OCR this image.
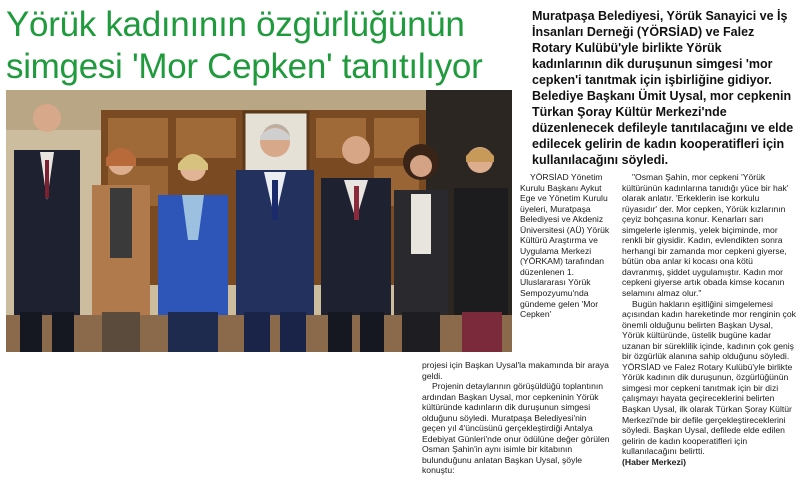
Yörük kadınının özgürlüğünün simgesi 'Mor Cepken' tanıtılıyor

Muratpaşa Belediyesi, Yörük Sanayici ve İş İnsanları Derneği (YÖRSİAD) ve Falez Rotary Kulübü'yle birlikte Yörük kadınlarının dik duruşunun simgesi 'mor cepken'i tanıtmak için işbirliğine gidiyor. Belediye Başkanı Ümit Uysal, mor cepkenin Türkan Şoray Kültür Merkezi'nde düzenlenecek defileyle tanıtılacağını ve elde edilecek gelirin de kadın kooperatifleri için kullanılacağını söyledi.

YÖRSİAD Yönetim Kurulu Başkanı Aykut Ege ve Yönetim Kurulu üyeleri, Muratpaşa Belediyesi ve Akdeniz Üniversitesi (AÜ) Yörük Kültürü Araştırma ve Uygulama Merkezi (YÖRKAM) tarafından düzenlenen 1. Uluslararası Yörük Sempozyumu'nda gündeme gelen 'Mor Cepken'

projesi için Başkan Uysal'la makamında bir araya geldi.

Projenin detaylarının görüşüldüğü toplantının ardından Başkan Uysal, mor cepkeninin Yörük kültüründe kadınların dik duruşunun simgesi olduğunu söyledi. Muratpaşa Belediyesi'nin geçen yıl 4'üncüsünü gerçekleştirdiği Antalya Edebiyat Günleri'nde onur ödülüne değer görülen Osman Şahin'in aynı isimle bir kitabının bulunduğunu anlatan Başkan Uysal, şöyle konuştu:

"Osman Şahin, mor cepkeni 'Yörük kültürünün kadınlarına tanıdığı yüce bir hak' olarak anlatır. 'Erkeklerin ise korkulu rüyasıdır' der. Mor cepken, Yörük kızlarının çeyiz bohçasına konur. Kenarları sarı simgelerle işlenmiş, yelek biçiminde, mor renkli bir giysidir. Kadın, evlendikten sonra herhangi bir zamanda mor cepkeni giyerse, bütün oba anlar ki kocası ona kötü davranmış, şiddet uygulamıştır. Kadın mor cepkeni giyerse artık obada kimse kocanın selamını almaz olur."

Bugün hakların eşitliğini simgelemesi açısından kadın hareketinde mor renginin çok önemli olduğunu belirten Başkan Uysal, Yörük kültüründe, üstelik bugüne kadar uzanan bir süreklilik içinde, kadının çok geniş bir özgürlük alanına sahip olduğunu söyledi. YÖRSİAD ve Falez Rotary Kulübü'yle birlikte Yörük kadının dik duruşunun, özgürlüğünün simgesi mor cepkeni tanıtmak için bir dizi çalışmayı hayata geçireceklerini belirten Başkan Uysal, ilk olarak Türkan Şoray Kültür Merkezi'nde bir defile gerçekleştireceklerini söyledi. Başkan Uysal, defilede elde edilen gelirin de kadın kooperatifleri için kullanılacağını belirtti.

(Haber Merkezi)
